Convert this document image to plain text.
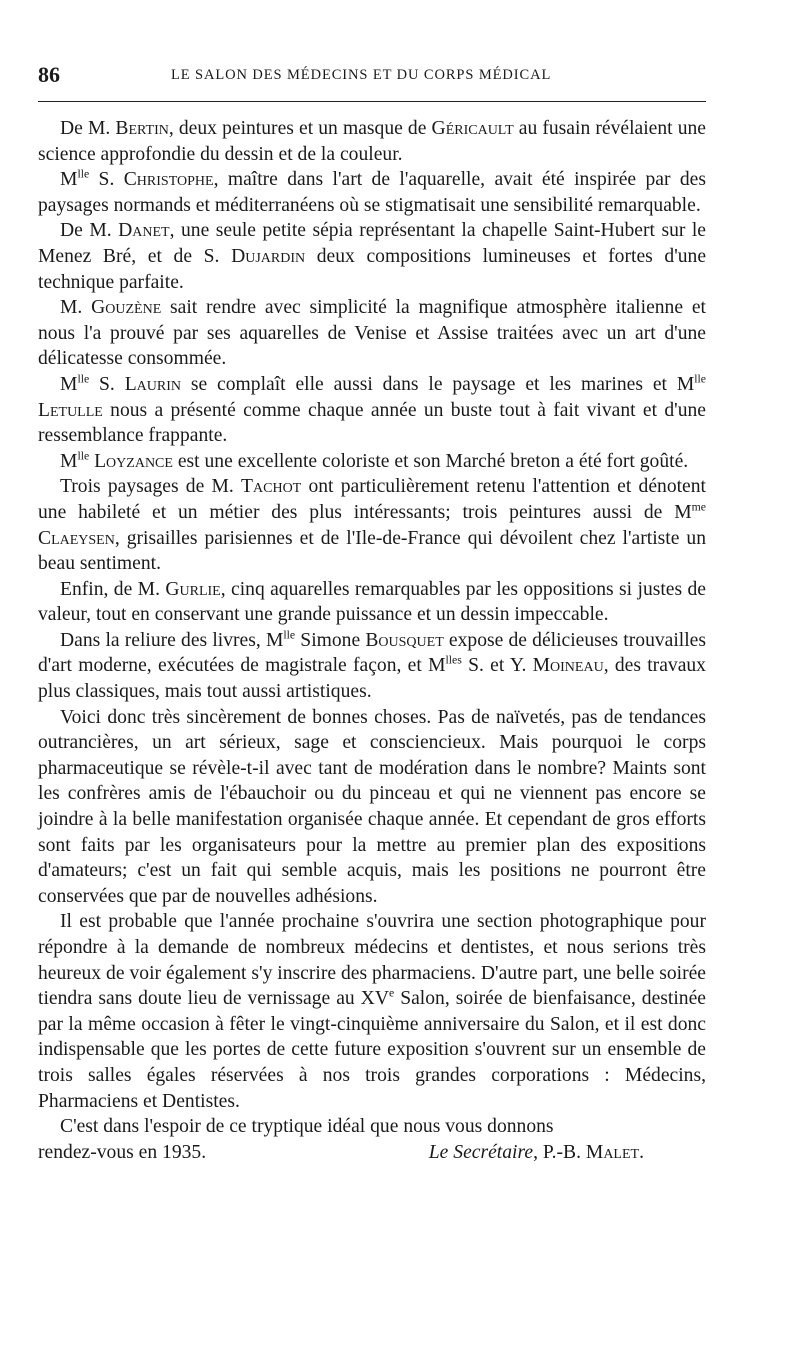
86	LE SALON DES MÉDECINS ET DU CORPS MÉDICAL

De M. Bertin, deux peintures et un masque de Géricault au fusain révélaient une science approfondie du dessin et de la couleur.

$M^{lle}$ S. Christophe, maître dans l'art de l'aquarelle, avait été inspirée par des paysages normands et méditerranéens où se stigmatisait une sensibilité remarquable.

De M. Danet, une seule petite sépia représentant la chapelle Saint-Hubert sur le Menez Bré, et de S. Dujardin deux compositions lumineuses et fortes d'une technique parfaite.

M. Gouzène sait rendre avec simplicité la magnifique atmosphère italienne et nous l'a prouvé par ses aquarelles de Venise et Assise traitées avec un art d'une délicatesse consommée.

$M^{lle}$ S. Laurin se complaît elle aussi dans le paysage et les marines et $M^{lle}$ Letulle nous a présenté comme chaque année un buste tout à fait vivant et d'une ressemblance frappante.

$M^{lle}$ Loyzance est une excellente coloriste et son Marché breton a été fort goûté.

Trois paysages de M. Tachot ont particulièrement retenu l'attention et dénotent une habileté et un métier des plus intéressants; trois peintures aussi de $M^{me}$ Claeysen, grisailles parisiennes et de l'Ile-de-France qui dévoilent chez l'artiste un beau sentiment.

Enfin, de M. Gurlie, cinq aquarelles remarquables par les oppositions si justes de valeur, tout en conservant une grande puissance et un dessin impeccable.

Dans la reliure des livres, $M^{lle}$ Simone Bousquet expose de délicieuses trouvailles d'art moderne, exécutées de magistrale façon, et $M^{lles}$ S. et Y. Moineau, des travaux plus classiques, mais tout aussi artistiques.

Voici donc très sincèrement de bonnes choses. Pas de naïvetés, pas de tendances outrancières, un art sérieux, sage et consciencieux. Mais pourquoi le corps pharmaceutique se révèle-t-il avec tant de modération dans le nombre? Maints sont les confrères amis de l'ébauchoir ou du pinceau et qui ne viennent pas encore se joindre à la belle manifestation organisée chaque année. Et cependant de gros efforts sont faits par les organisateurs pour la mettre au premier plan des expositions d'amateurs; c'est un fait qui semble acquis, mais les positions ne pourront être conservées que par de nouvelles adhésions.

Il est probable que l'année prochaine s'ouvrira une section photographique pour répondre à la demande de nombreux médecins et dentistes, et nous serions très heureux de voir également s'y inscrire des pharmaciens. D'autre part, une belle soirée tiendra sans doute lieu de vernissage au XVe Salon, soirée de bienfaisance, destinée par la même occasion à fêter le vingt-cinquième anniversaire du Salon, et il est donc indispensable que les portes de cette future exposition s'ouvrent sur un ensemble de trois salles égales réservées à nos trois grandes corporations : Médecins, Pharmaciens et Dentistes.

C'est dans l'espoir de ce tryptique idéal que nous vous donnons

rendez-vous en 1935.	Le Secrétaire, P.-B. Malet.
